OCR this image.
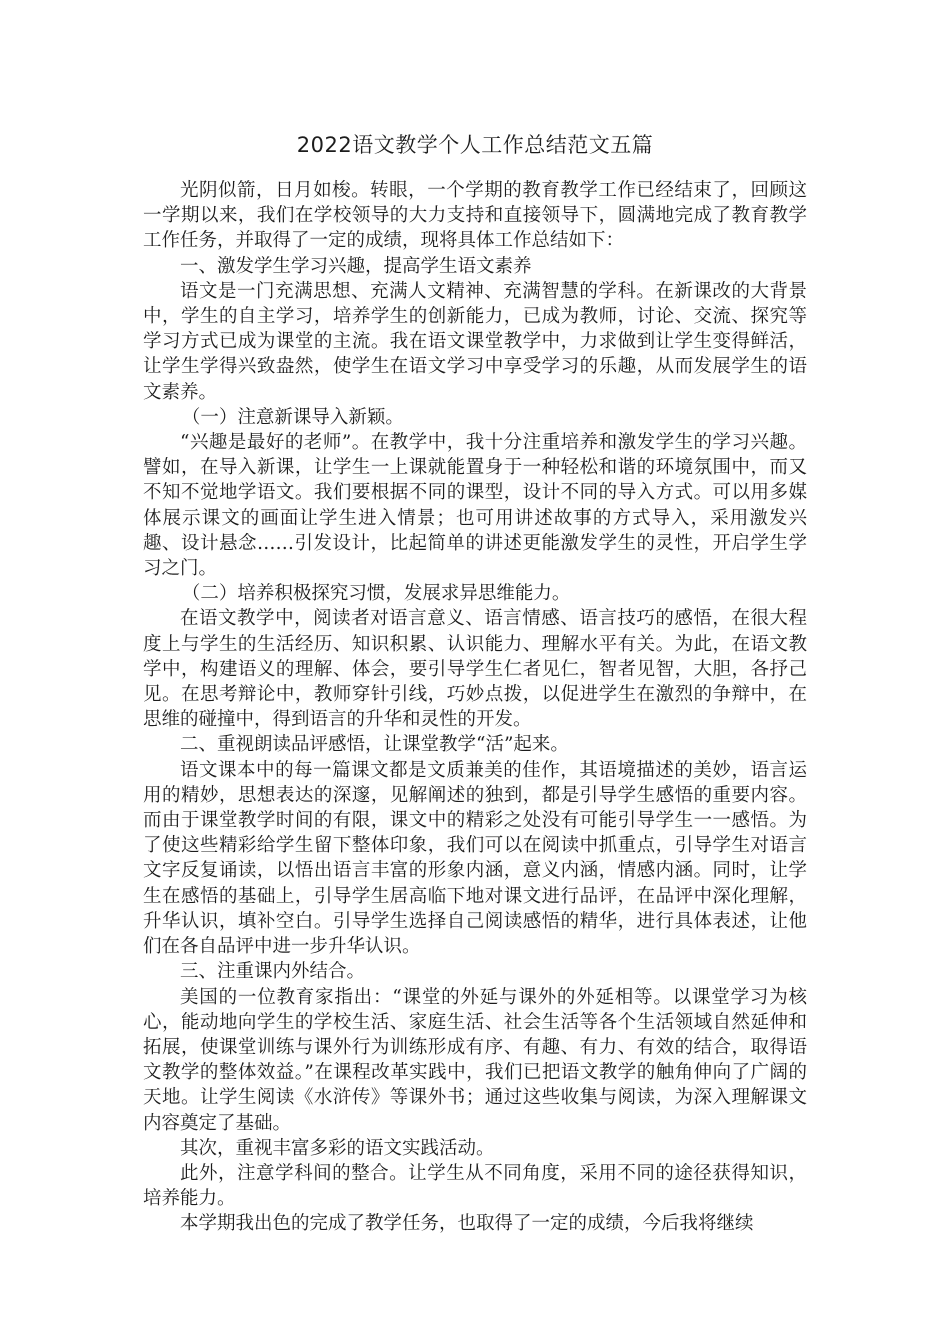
2022语文教学个人工作总结范文五篇

光阴似箭，日月如梭。转眼，一个学期的教育教学工作已经结束了，回顾这一学期以来，我们在学校领导的大力支持和直接领导下，圆满地完成了教育教学工作任务，并取得了一定的成绩，现将具体工作总结如下：

一、激发学生学习兴趣，提高学生语文素养

语文是一门充满思想、充满人文精神、充满智慧的学科。在新课改的大背景中，学生的自主学习，培养学生的创新能力，已成为教师，讨论、交流、探究等学习方式已成为课堂的主流。我在语文课堂教学中，力求做到让学生变得鲜活，让学生学得兴致盎然，使学生在语文学习中享受学习的乐趣，从而发展学生的语文素养。

（一）注意新课导入新颖。

“兴趣是最好的老师”。在教学中，我十分注重培养和激发学生的学习兴趣。譬如，在导入新课，让学生一上课就能置身于一种轻松和谐的环境氛围中，而又不知不觉地学语文。我们要根据不同的课型，设计不同的导入方式。可以用多媒体展示课文的画面让学生进入情景；也可用讲述故事的方式导入，采用激发兴趣、设计悬念……引发设计，比起简单的讲述更能激发学生的灵性，开启学生学习之门。

（二）培养积极探究习惯，发展求异思维能力。

在语文教学中，阅读者对语言意义、语言情感、语言技巧的感悟，在很大程度上与学生的生活经历、知识积累、认识能力、理解水平有关。为此，在语文教学中，构建语义的理解、体会，要引导学生仁者见仁，智者见智，大胆，各抒己见。在思考辩论中，教师穿针引线，巧妙点拨，以促进学生在激烈的争辩中，在思维的碰撞中，得到语言的升华和灵性的开发。

二、重视朗读品评感悟，让课堂教学“活”起来。

语文课本中的每一篇课文都是文质兼美的佳作，其语境描述的美妙，语言运用的精妙，思想表达的深邃，见解阐述的独到，都是引导学生感悟的重要内容。而由于课堂教学时间的有限，课文中的精彩之处没有可能引导学生一一感悟。为了使这些精彩给学生留下整体印象，我们可以在阅读中抓重点，引导学生对语言文字反复诵读，以悟出语言丰富的形象内涵，意义内涵，情感内涵。同时，让学生在感悟的基础上，引导学生居高临下地对课文进行品评，在品评中深化理解，升华认识，填补空白。引导学生选择自己阅读感悟的精华，进行具体表述，让他们在各自品评中进一步升华认识。

三、注重课内外结合。

美国的一位教育家指出：“课堂的外延与课外的外延相等。以课堂学习为核心，能动地向学生的学校生活、家庭生活、社会生活等各个生活领域自然延伸和拓展，使课堂训练与课外行为训练形成有序、有趣、有力、有效的结合，取得语文教学的整体效益。”在课程改革实践中，我们已把语文教学的触角伸向了广阔的天地。让学生阅读《水浒传》等课外书；通过这些收集与阅读，为深入理解课文内容奠定了基础。

其次，重视丰富多彩的语文实践活动。

此外，注意学科间的整合。让学生从不同角度，采用不同的途径获得知识，培养能力。

本学期我出色的完成了教学任务，也取得了一定的成绩，今后我将继续
